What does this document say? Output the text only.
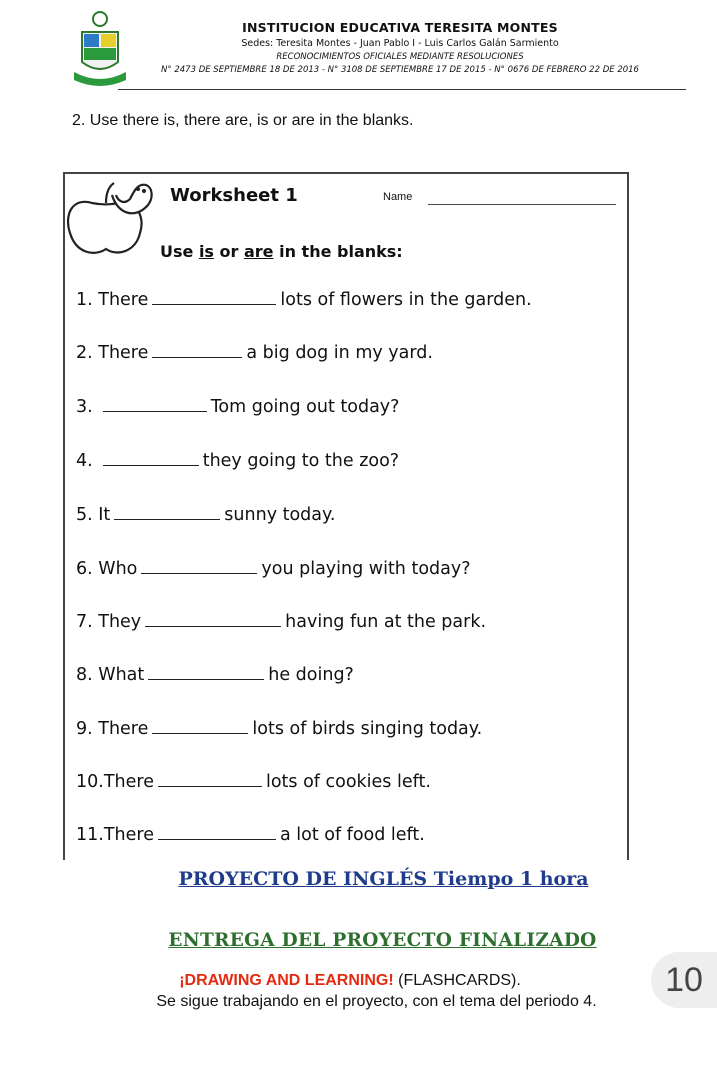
INSTITUCION EDUCATIVA TERESITA MONTES
Sedes: Teresita Montes - Juan Pablo I - Luis Carlos Galán Sarmiento
RECONOCIMIENTOS OFICIALES MEDIANTE RESOLUCIONES
N° 2473 DE SEPTIEMBRE 18 DE 2013 - N° 3108 DE SEPTIEMBRE 17 DE 2015 - N° 0676 DE FEBRERO 22 DE 2016
2. Use there is, there are, is or are in the blanks.
Worksheet 1	Name
Use is or are in the blanks:
1. There	lots of flowers in the garden.
2. There	a big dog in my yard.
3.	Tom going out today?
4.	they going to the zoo?
5. It	sunny today.
6. Who	you playing with today?
7. They	having fun at the park.
8. What	he doing?
9. There	lots of birds singing today.
10.There	lots of cookies left.
11.There	a lot of food left.
PROYECTO DE INGLÉS Tiempo 1 hora
ENTREGA DEL PROYECTO FINALIZADO
¡DRAWING AND LEARNING! (FLASHCARDS).
Se sigue trabajando en el proyecto, con el tema del periodo 4.
10
